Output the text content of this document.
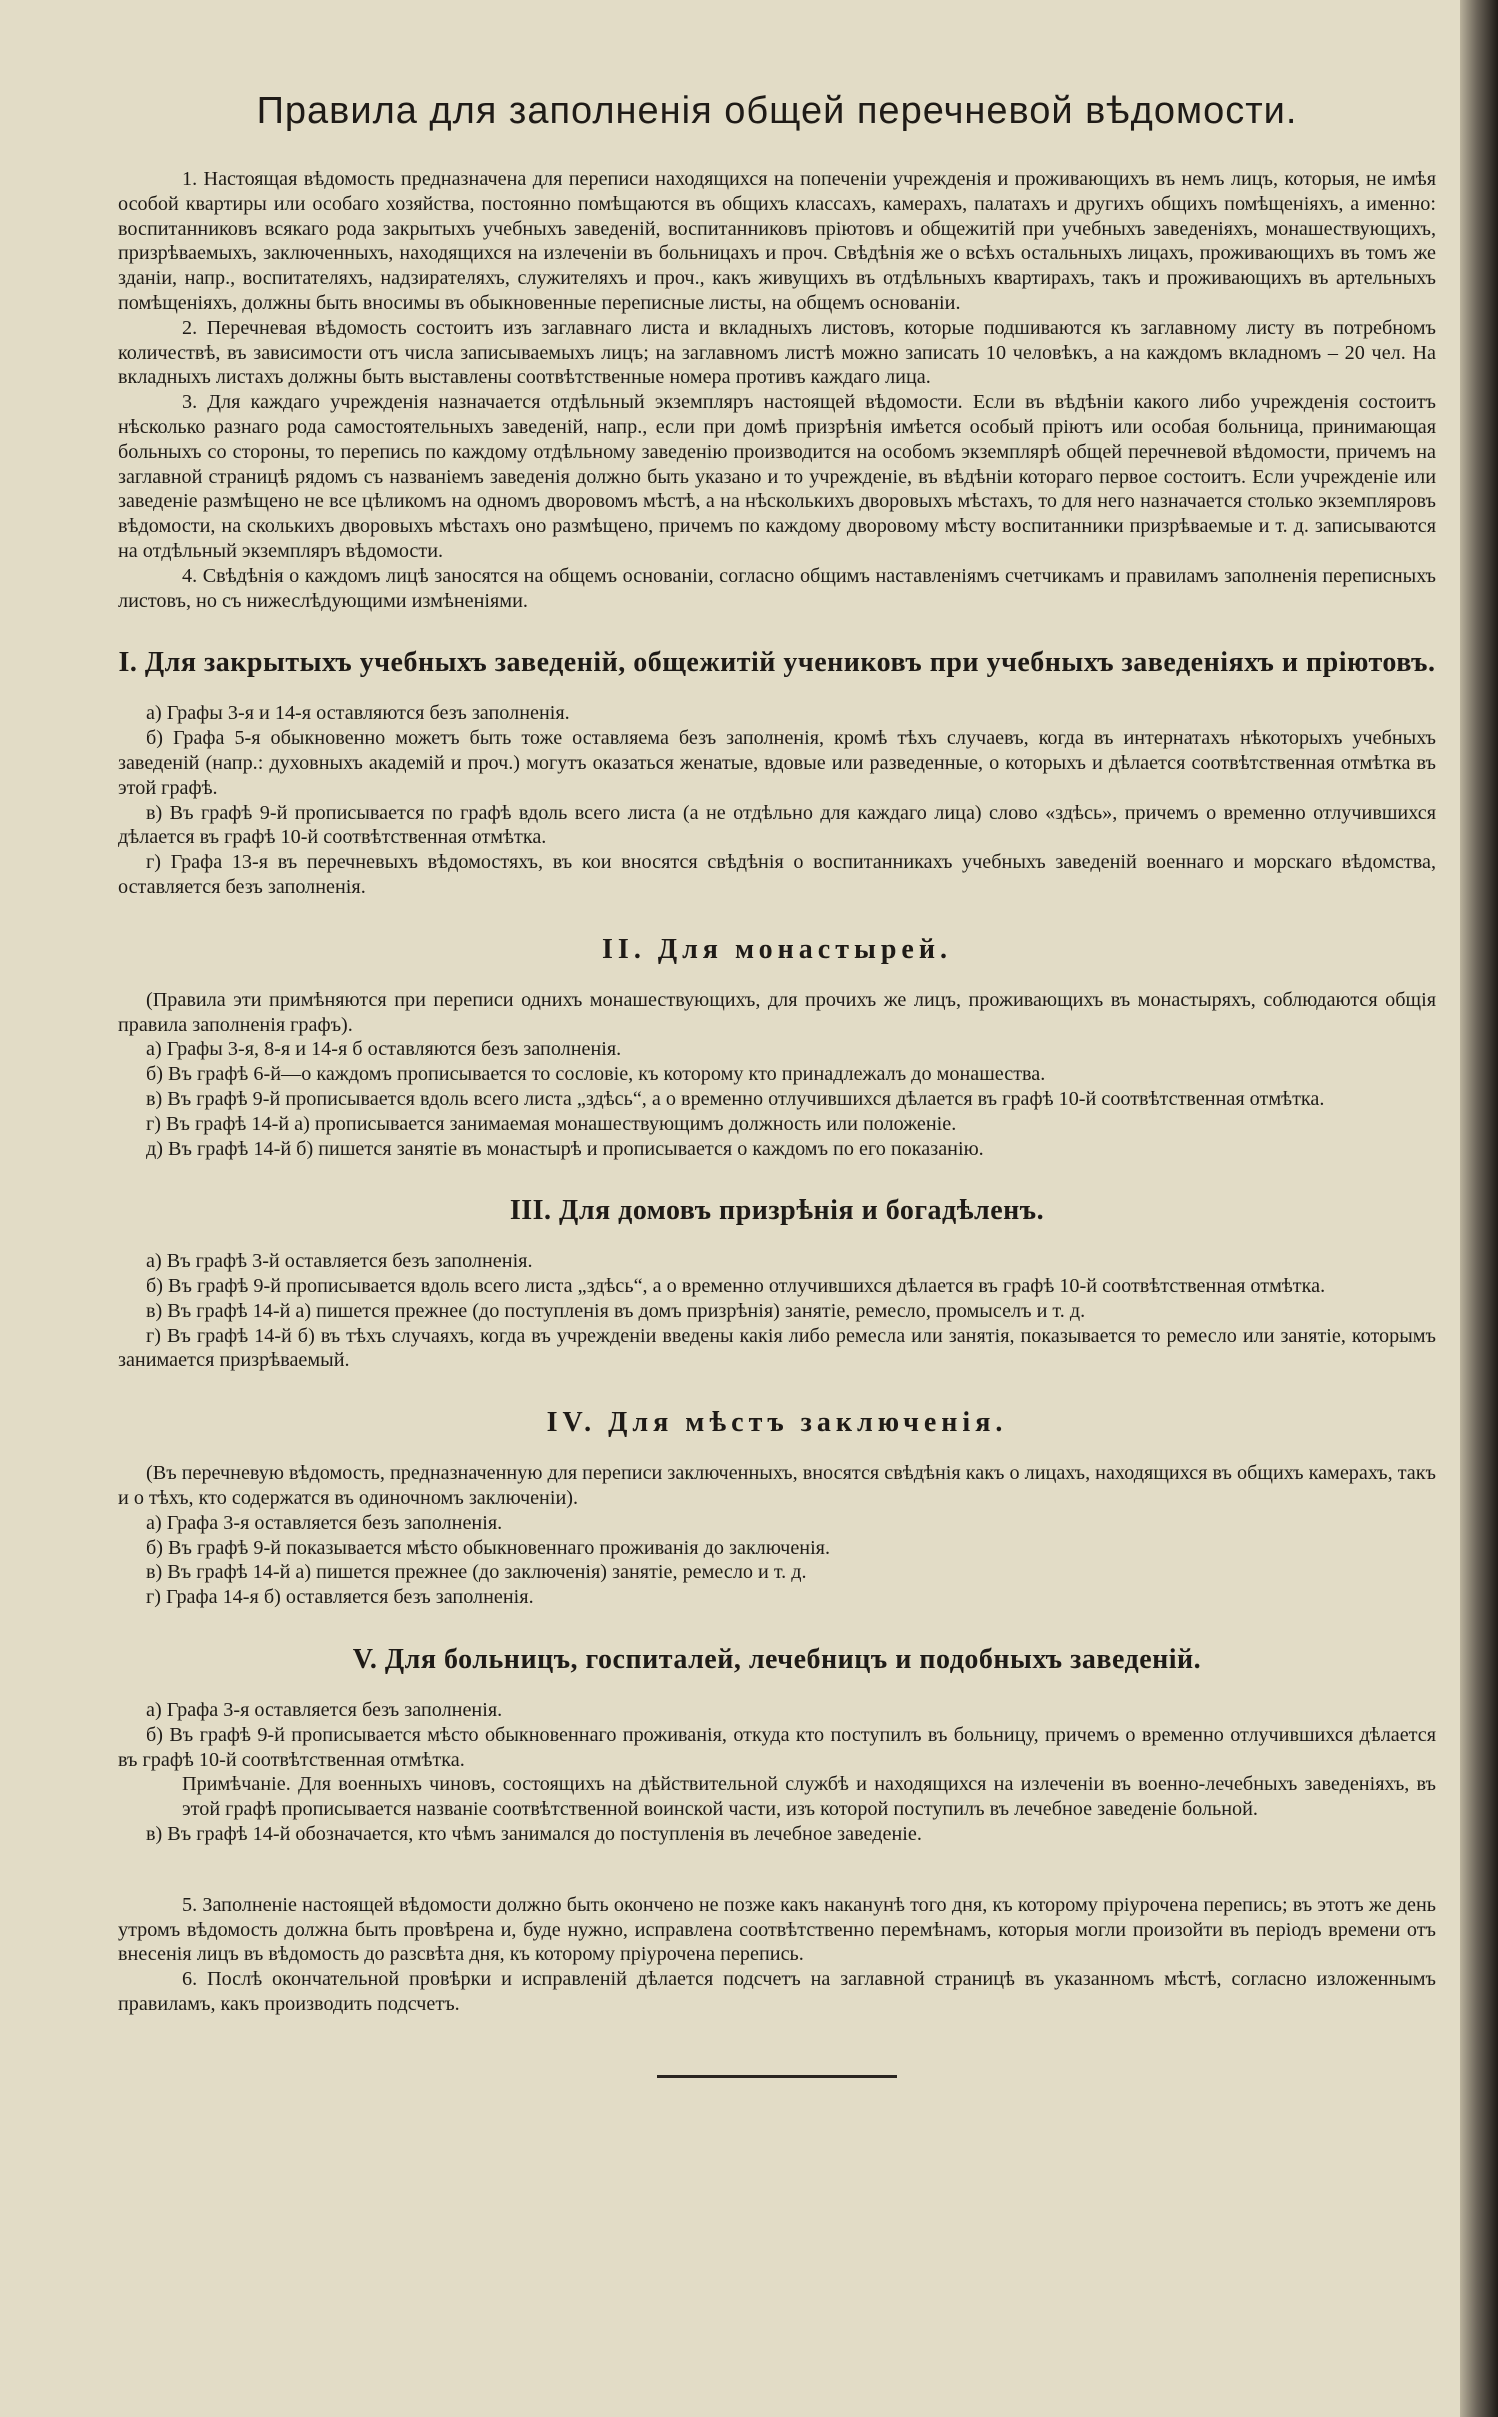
Правила для заполненія общей перечневой вѣдомости.

1. Настоящая вѣдомость предназначена для переписи находящихся на попеченіи учрежденія и проживающихъ въ немъ лицъ, которыя, не имѣя особой квартиры или особаго хозяйства, постоянно помѣщаются въ общихъ классахъ, камерахъ, палатахъ и другихъ общихъ помѣщеніяхъ, а именно: воспитанниковъ всякаго рода закрытыхъ учебныхъ заведеній, воспитанниковъ пріютовъ и общежитій при учебныхъ заведеніяхъ, монашествующихъ, призрѣваемыхъ, заключенныхъ, находящихся на излеченіи въ больницахъ и проч. Свѣдѣнія же о всѣхъ остальныхъ лицахъ, проживающихъ въ томъ же зданіи, напр., воспитателяхъ, надзирателяхъ, служителяхъ и проч., какъ живущихъ въ отдѣльныхъ квартирахъ, такъ и проживающихъ въ артельныхъ помѣщеніяхъ, должны быть вносимы въ обыкновенные переписные листы, на общемъ основаніи.

2. Перечневая вѣдомость состоитъ изъ заглавнаго листа и вкладныхъ листовъ, которые подшиваются къ заглавному листу въ потребномъ количествѣ, въ зависимости отъ числа записываемыхъ лицъ; на заглавномъ листѣ можно записать 10 человѣкъ, а на каждомъ вкладномъ – 20 чел. На вкладныхъ листахъ должны быть выставлены соотвѣтственные номера противъ каждаго лица.

3. Для каждаго учрежденія назначается отдѣльный экземпляръ настоящей вѣдомости. Если въ вѣдѣніи какого либо учрежденія состоитъ нѣсколько разнаго рода самостоятельныхъ заведеній, напр., если при домѣ призрѣнія имѣется особый пріютъ или особая больница, принимающая больныхъ со стороны, то перепись по каждому отдѣльному заведенію производится на особомъ экземплярѣ общей перечневой вѣдомости, причемъ на заглавной страницѣ рядомъ съ названіемъ заведенія должно быть указано и то учрежденіе, въ вѣдѣніи котораго первое состоитъ. Если учрежденіе или заведеніе размѣщено не все цѣликомъ на одномъ дворовомъ мѣстѣ, а на нѣсколькихъ дворовыхъ мѣстахъ, то для него назначается столько экземпляровъ вѣдомости, на сколькихъ дворовыхъ мѣстахъ оно размѣщено, причемъ по каждому дворовому мѣсту воспитанники призрѣваемые и т. д. записываются на отдѣльный экземпляръ вѣдомости.

4. Свѣдѣнія о каждомъ лицѣ заносятся на общемъ основаніи, согласно общимъ наставленіямъ счетчикамъ и правиламъ заполненія переписныхъ листовъ, но съ нижеслѣдующими измѣненіями.

I. Для закрытыхъ учебныхъ заведеній, общежитій учениковъ при учебныхъ заведеніяхъ и пріютовъ.

а) Графы 3-я и 14-я оставляются безъ заполненія.

б) Графа 5-я обыкновенно можетъ быть тоже оставляема безъ заполненія, кромѣ тѣхъ случаевъ, когда въ интернатахъ нѣкоторыхъ учебныхъ заведеній (напр.: духовныхъ академій и проч.) могутъ оказаться женатые, вдовые или разведенные, о которыхъ и дѣлается соотвѣтственная отмѣтка въ этой графѣ.

в) Въ графѣ 9-й прописывается по графѣ вдоль всего листа (а не отдѣльно для каждаго лица) слово «здѣсь», причемъ о временно отлучившихся дѣлается въ графѣ 10-й соотвѣтственная отмѣтка.

г) Графа 13-я въ перечневыхъ вѣдомостяхъ, въ кои вносятся свѣдѣнія о воспитанникахъ учебныхъ заведеній военнаго и морскаго вѣдомства, оставляется безъ заполненія.

II. Для монастырей.

(Правила эти примѣняются при переписи однихъ монашествующихъ, для прочихъ же лицъ, проживающихъ въ монастыряхъ, соблюдаются общія правила заполненія графъ).

а) Графы 3-я, 8-я и 14-я б оставляются безъ заполненія.

б) Въ графѣ 6-й—о каждомъ прописывается то сословіе, къ которому кто принадлежалъ до монашества.

в) Въ графѣ 9-й прописывается вдоль всего листа „здѣсь“, а о временно отлучившихся дѣлается въ графѣ 10-й соотвѣтственная отмѣтка.

г) Въ графѣ 14-й а) прописывается занимаемая монашествующимъ должность или положеніе.

д) Въ графѣ 14-й б) пишется занятіе въ монастырѣ и прописывается о каждомъ по его показанію.

III. Для домовъ призрѣнія и богадѣленъ.

а) Въ графѣ 3-й оставляется безъ заполненія.

б) Въ графѣ 9-й прописывается вдоль всего листа „здѣсь“, а о временно отлучившихся дѣлается въ графѣ 10-й соотвѣтственная отмѣтка.

в) Въ графѣ 14-й а) пишется прежнее (до поступленія въ домъ призрѣнія) занятіе, ремесло, промыселъ и т. д.

г) Въ графѣ 14-й б) въ тѣхъ случаяхъ, когда въ учрежденіи введены какія либо ремесла или занятія, показывается то ремесло или занятіе, которымъ занимается призрѣваемый.

IV. Для мѣстъ заключенія.

(Въ перечневую вѣдомость, предназначенную для переписи заключенныхъ, вносятся свѣдѣнія какъ о лицахъ, находящихся въ общихъ камерахъ, такъ и о тѣхъ, кто содержатся въ одиночномъ заключеніи).

а) Графа 3-я оставляется безъ заполненія.

б) Въ графѣ 9-й показывается мѣсто обыкновеннаго проживанія до заключенія.

в) Въ графѣ 14-й а) пишется прежнее (до заключенія) занятіе, ремесло и т. д.

г) Графа 14-я б) оставляется безъ заполненія.

V. Для больницъ, госпиталей, лечебницъ и подобныхъ заведеній.

а) Графа 3-я оставляется безъ заполненія.

б) Въ графѣ 9-й прописывается мѣсто обыкновеннаго проживанія, откуда кто поступилъ въ больницу, причемъ о временно отлучившихся дѣлается въ графѣ 10-й соотвѣтственная отмѣтка.

Примѣчаніе. Для военныхъ чиновъ, состоящихъ на дѣйствительной службѣ и находящихся на излеченіи въ военно-лечебныхъ заведеніяхъ, въ этой графѣ прописывается названіе соотвѣтственной воинской части, изъ которой поступилъ въ лечебное заведеніе больной.

в) Въ графѣ 14-й обозначается, кто чѣмъ занимался до поступленія въ лечебное заведеніе.

5. Заполненіе настоящей вѣдомости должно быть окончено не позже какъ наканунѣ того дня, къ которому пріурочена перепись; въ этотъ же день утромъ вѣдомость должна быть провѣрена и, буде нужно, исправлена соотвѣтственно перемѣнамъ, которыя могли произойти въ періодъ времени отъ внесенія лицъ въ вѣдомость до разсвѣта дня, къ которому пріурочена перепись.

6. Послѣ окончательной провѣрки и исправленій дѣлается подсчетъ на заглавной страницѣ въ указанномъ мѣстѣ, согласно изложеннымъ правиламъ, какъ производить подсчетъ.
